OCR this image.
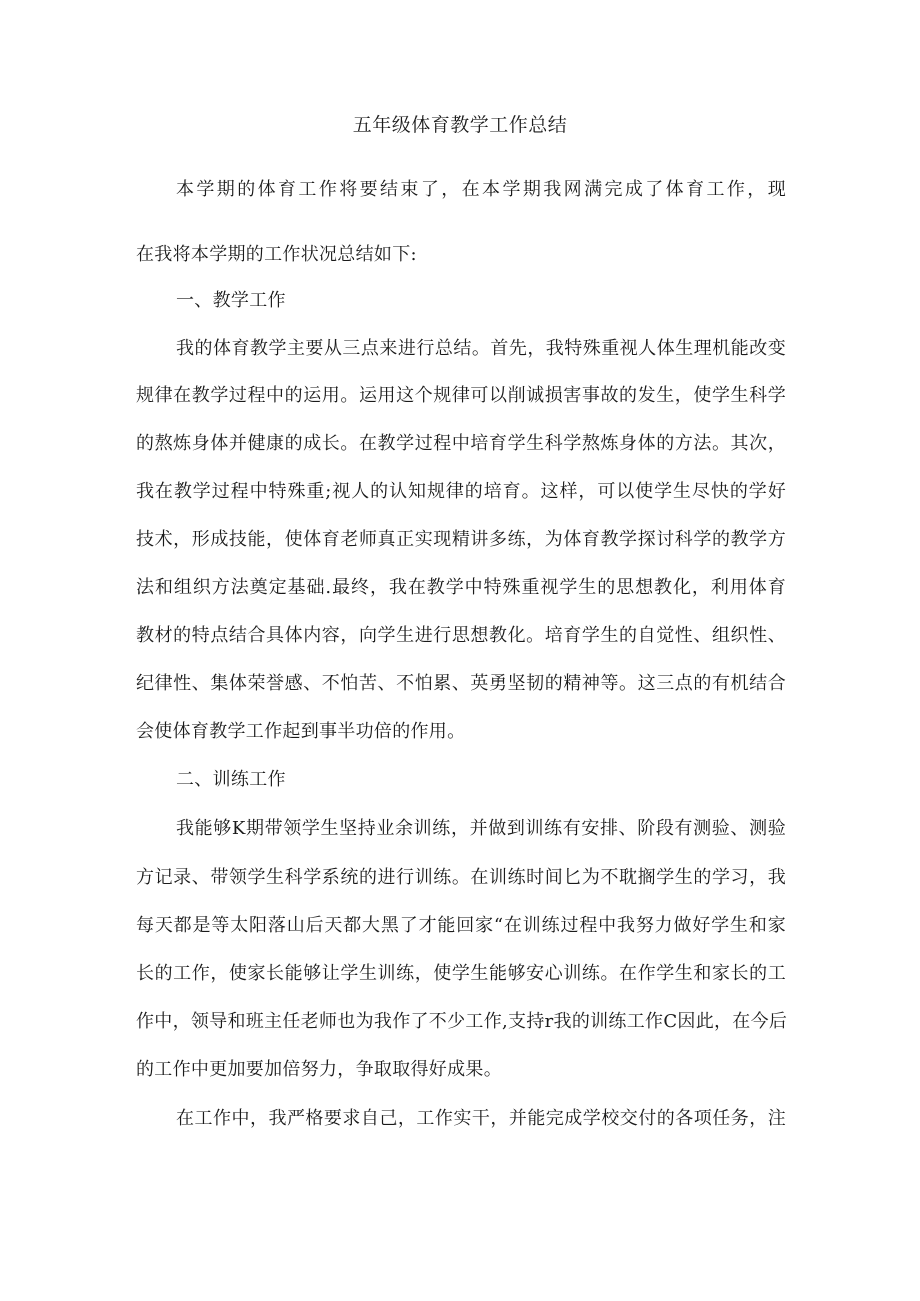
五年级体育教学工作总结

本学期的体育工作将要结束了，在本学期我网满完成了体育工作，现

在我将本学期的工作状况总结如下:

一、教学工作

我的体育教学主要从三点来进行总结。首先，我特殊重视人体生理机能改变

规律在教学过程中的运用。运用这个规律可以削诚损害事故的发生，使学生科学

的熬炼身体并健康的成长。在教学过程中培育学生科学熬炼身体的方法。其次，

我在教学过程中特殊重;视人的认知规律的培育。这样，可以使学生尽快的学好

技术，形成技能，使体育老师真正实现精讲多练，为体育教学探讨科学的教学方

法和组织方法奠定基础.最终，我在教学中特殊重视学生的思想教化，利用体育

教材的特点结合具体内容，向学生进行思想教化。培育学生的自觉性、组织性、

纪律性、集体荣誉感、不怕苦、不怕累、英勇坚韧的精神等。这三点的有机结合

会使体育教学工作起到事半功倍的作用。

二、训练工作

我能够K期带领学生坚持业余训练，并做到训练有安排、阶段有测验、测验

方记录、带领学生科学系统的进行训练。在训练时间匕为不耽搁学生的学习，我

每天都是等太阳落山后天都大黑了才能回家“在训练过程中我努力做好学生和家

长的工作，使家长能够让学生训练，使学生能够安心训练。在作学生和家长的工

作中，领导和班主任老师也为我作了不少工作,支持r我的训练工作C因此，在今后

的工作中更加要加倍努力，争取取得好成果。

在工作中，我严格要求自己，工作实干，并能完成学校交付的各项任务，注
